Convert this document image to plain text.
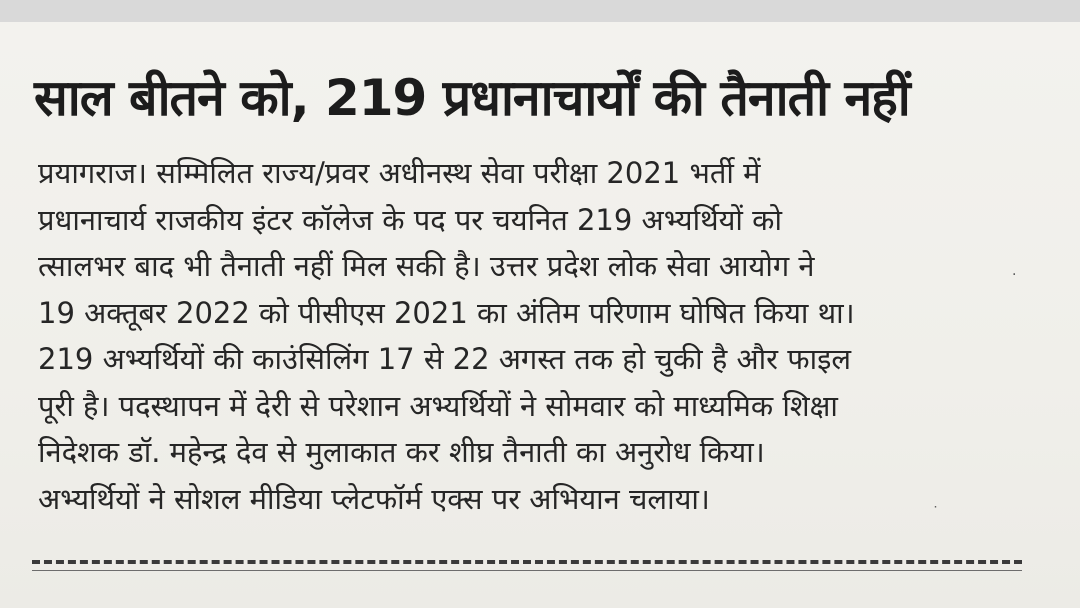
साल बीतने को, 219 प्रधानाचार्यों की तैनाती नहीं
प्रयागराज। सम्मिलित राज्य/प्रवर अधीनस्थ सेवा परीक्षा 2021 भर्ती में
प्रधानाचार्य राजकीय इंटर कॉलेज के पद पर चयनित 219 अभ्यर्थियों को
त्सालभर बाद भी तैनाती नहीं मिल सकी है। उत्तर प्रदेश लोक सेवा आयोग ने
19 अक्तूबर 2022 को पीसीएस 2021 का अंतिम परिणाम घोषित किया था।
219 अभ्यर्थियों की काउंसिलिंग 17 से 22 अगस्त तक हो चुकी है और फाइल
पूरी है। पदस्थापन में देरी से परेशान अभ्यर्थियों ने सोमवार को माध्यमिक शिक्षा
निदेशक डॉ. महेन्द्र देव से मुलाकात कर शीघ्र तैनाती का अनुरोध किया।
अभ्यर्थियों ने सोशल मीडिया प्लेटफॉर्म एक्स पर अभियान चलाया।
·
˙
